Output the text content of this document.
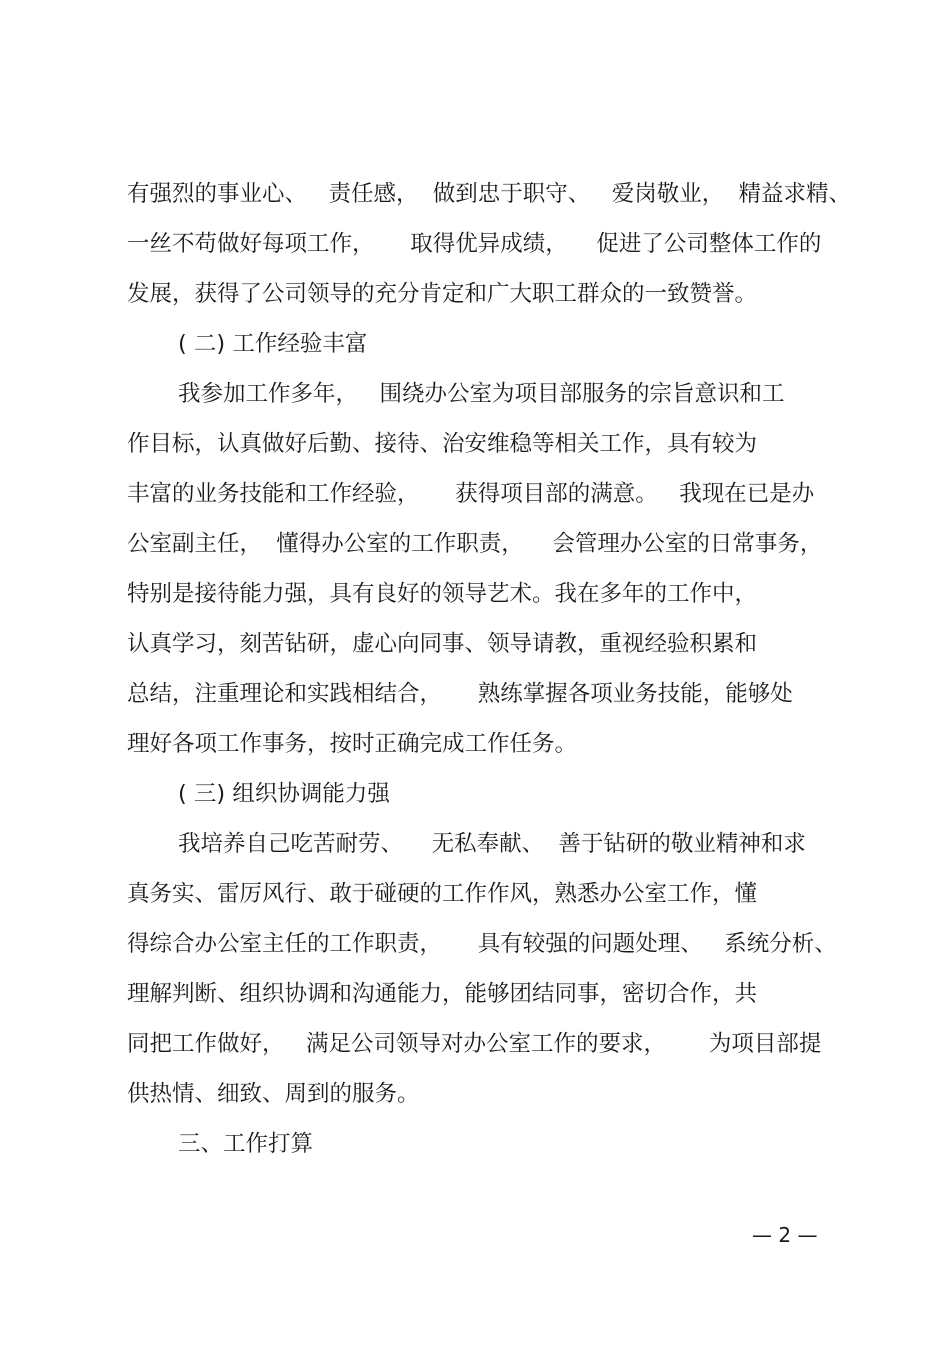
有强烈的事业心、   责任感，  做到忠于职守、   爱岗敬业，  精益求精、
一丝不苟做好每项工作，     取得优异成绩，    促进了公司整体工作的
发展，获得了公司领导的充分肯定和广大职工群众的一致赞誉。
( 二) 工作经验丰富
我参加工作多年，   围绕办公室为项目部服务的宗旨意识和工
作目标，认真做好后勤、接待、治安维稳等相关工作，具有较为
丰富的业务技能和工作经验，     获得项目部的满意。   我现在已是办
公室副主任，  懂得办公室的工作职责，    会管理办公室的日常事务，
特别是接待能力强，具有良好的领导艺术。我在多年的工作中，
认真学习，刻苦钻研，虚心向同事、领导请教，重视经验积累和
总结，注重理论和实践相结合，     熟练掌握各项业务技能，能够处
理好各项工作事务，按时正确完成工作任务。
( 三) 组织协调能力强
我培养自己吃苦耐劳、    无私奉献、  善于钻研的敬业精神和求
真务实、雷厉风行、敢于碰硬的工作作风，熟悉办公室工作，懂
得综合办公室主任的工作职责，     具有较强的问题处理、   系统分析、
理解判断、组织协调和沟通能力，能够团结同事，密切合作，共
同把工作做好，   满足公司领导对办公室工作的要求，      为项目部提
供热情、细致、周到的服务。
三、工作打算
— 2 —
